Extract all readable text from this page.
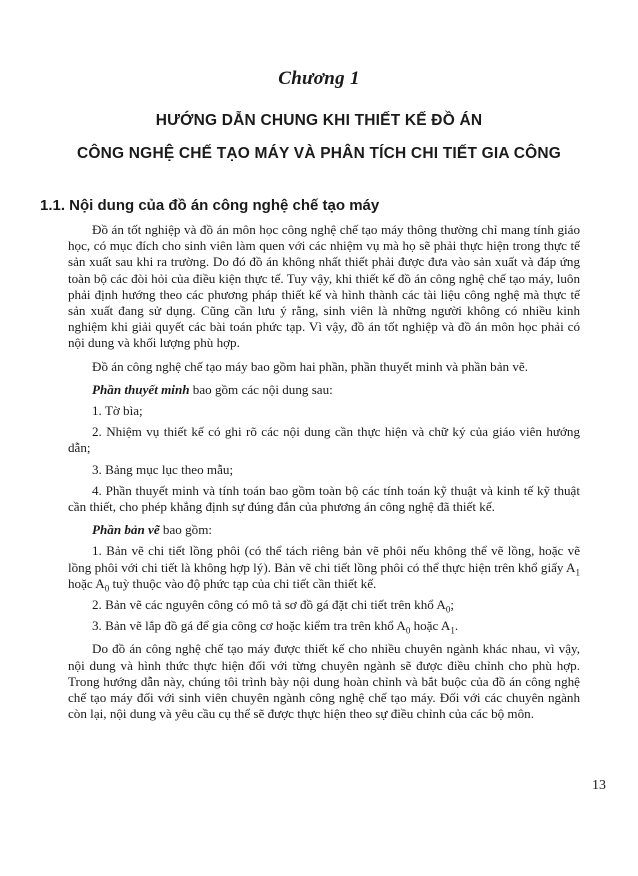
Chương 1
HƯỚNG DẪN CHUNG KHI THIẾT KẾ ĐỒ ÁN
CÔNG NGHỆ CHẾ TẠO MÁY VÀ PHÂN TÍCH CHI TIẾT GIA CÔNG
1.1. Nội dung của đồ án công nghệ chế tạo máy

Đồ án tốt nghiệp và đồ án môn học công nghệ chế tạo máy thông thường chỉ mang tính giáo học, có mục đích cho sinh viên làm quen với các nhiệm vụ mà họ sẽ phải thực hiện trong thực tế sản xuất sau khi ra trường. Do đó đồ án không nhất thiết phải được đưa vào sản xuất và đáp ứng toàn bộ các đòi hỏi của điều kiện thực tế. Tuy vậy, khi thiết kế đồ án công nghệ chế tạo máy, luôn phải định hướng theo các phương pháp thiết kế và hình thành các tài liệu công nghệ mà thực tế sản xuất đang sử dụng. Cũng cần lưu ý rằng, sinh viên là những người không có nhiều kinh nghiệm khi giải quyết các bài toán phức tạp. Vì vậy, đồ án tốt nghiệp và đồ án môn học phải có nội dung và khối lượng phù hợp.

Đồ án công nghệ chế tạo máy bao gồm hai phần, phần thuyết minh và phần bản vẽ.

Phần thuyết minh bao gồm các nội dung sau:

1. Tờ bìa;

2. Nhiệm vụ thiết kế có ghi rõ các nội dung cần thực hiện và chữ ký của giáo viên hướng dẫn;

3. Bảng mục lục theo mẫu;

4. Phần thuyết minh và tính toán bao gồm toàn bộ các tính toán kỹ thuật và kinh tế kỹ thuật cần thiết, cho phép khẳng định sự đúng đắn của phương án công nghệ đã thiết kế.

Phần bản vẽ bao gồm:

1. Bản vẽ chi tiết lồng phôi (có thể tách riêng bản vẽ phôi nếu không thể vẽ lồng, hoặc vẽ lồng phôi với chi tiết là không hợp lý). Bản vẽ chi tiết lồng phôi có thể thực hiện trên khổ giấy $A_1$ hoặc $A_0$ tuỳ thuộc vào độ phức tạp của chi tiết cần thiết kế.

2. Bản vẽ các nguyên công có mô tả sơ đồ gá đặt chi tiết trên khổ $A_0$;

3. Bản vẽ lắp đồ gá để gia công cơ hoặc kiểm tra trên khổ $A_0$ hoặc $A_1$.

Do đồ án công nghệ chế tạo máy được thiết kế cho nhiều chuyên ngành khác nhau, vì vậy, nội dung và hình thức thực hiện đối với từng chuyên ngành sẽ được điều chỉnh cho phù hợp. Trong hướng dẫn này, chúng tôi trình bày nội dung hoàn chỉnh và bắt buộc của đồ án công nghệ chế tạo máy đối với sinh viên chuyên ngành công nghệ chế tạo máy. Đối với các chuyên ngành còn lại, nội dung và yêu cầu cụ thể sẽ được thực hiện theo sự điều chỉnh của các bộ môn.

13
